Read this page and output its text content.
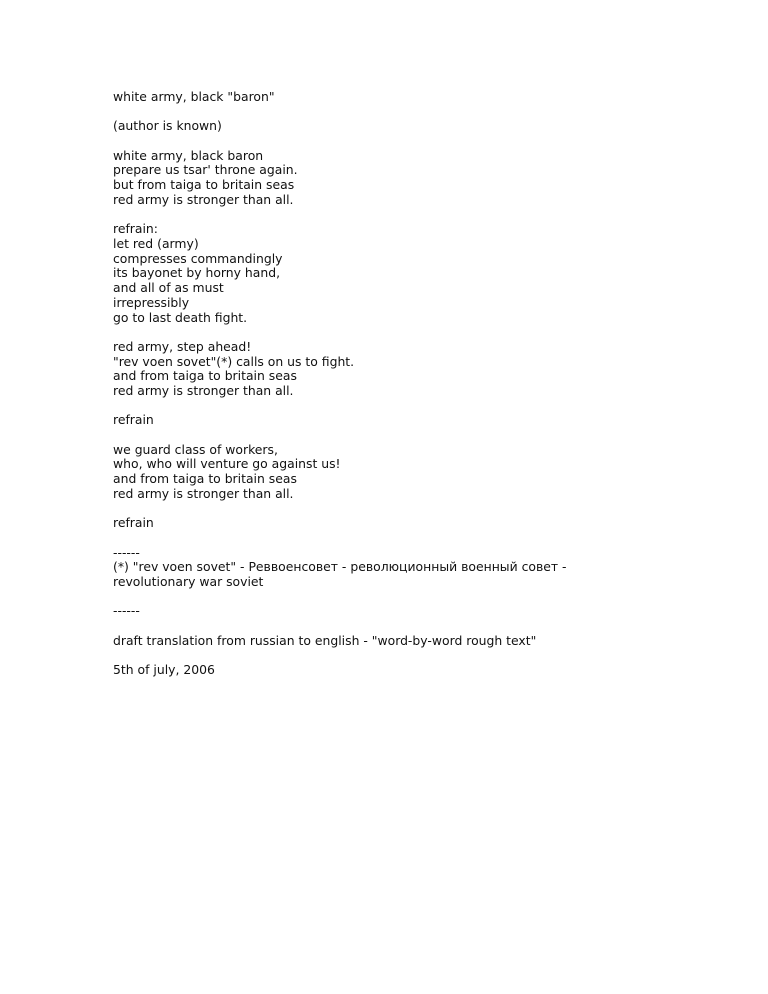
white army, black "baron"

(author is known)

white army, black baron

prepare us tsar' throne again.

but from taiga to britain seas

red army is stronger than all.

refrain:

let red (army)

compresses commandingly

its bayonet by horny hand,

and all of as must

irrepressibly

go to last death fight.

red army, step ahead!

"rev voen sovet"(*) calls on us to fight.

and from taiga to britain seas

red army is stronger than all.

refrain

we guard class of workers,

who, who will venture go against us!

and from taiga to britain seas

red army is stronger than all.

refrain

------

(*) "rev voen sovet" - Реввоенсовет - революционный военный совет -

revolutionary war soviet

------

draft translation from russian to english - "word-by-word rough text"

5th of july, 2006
